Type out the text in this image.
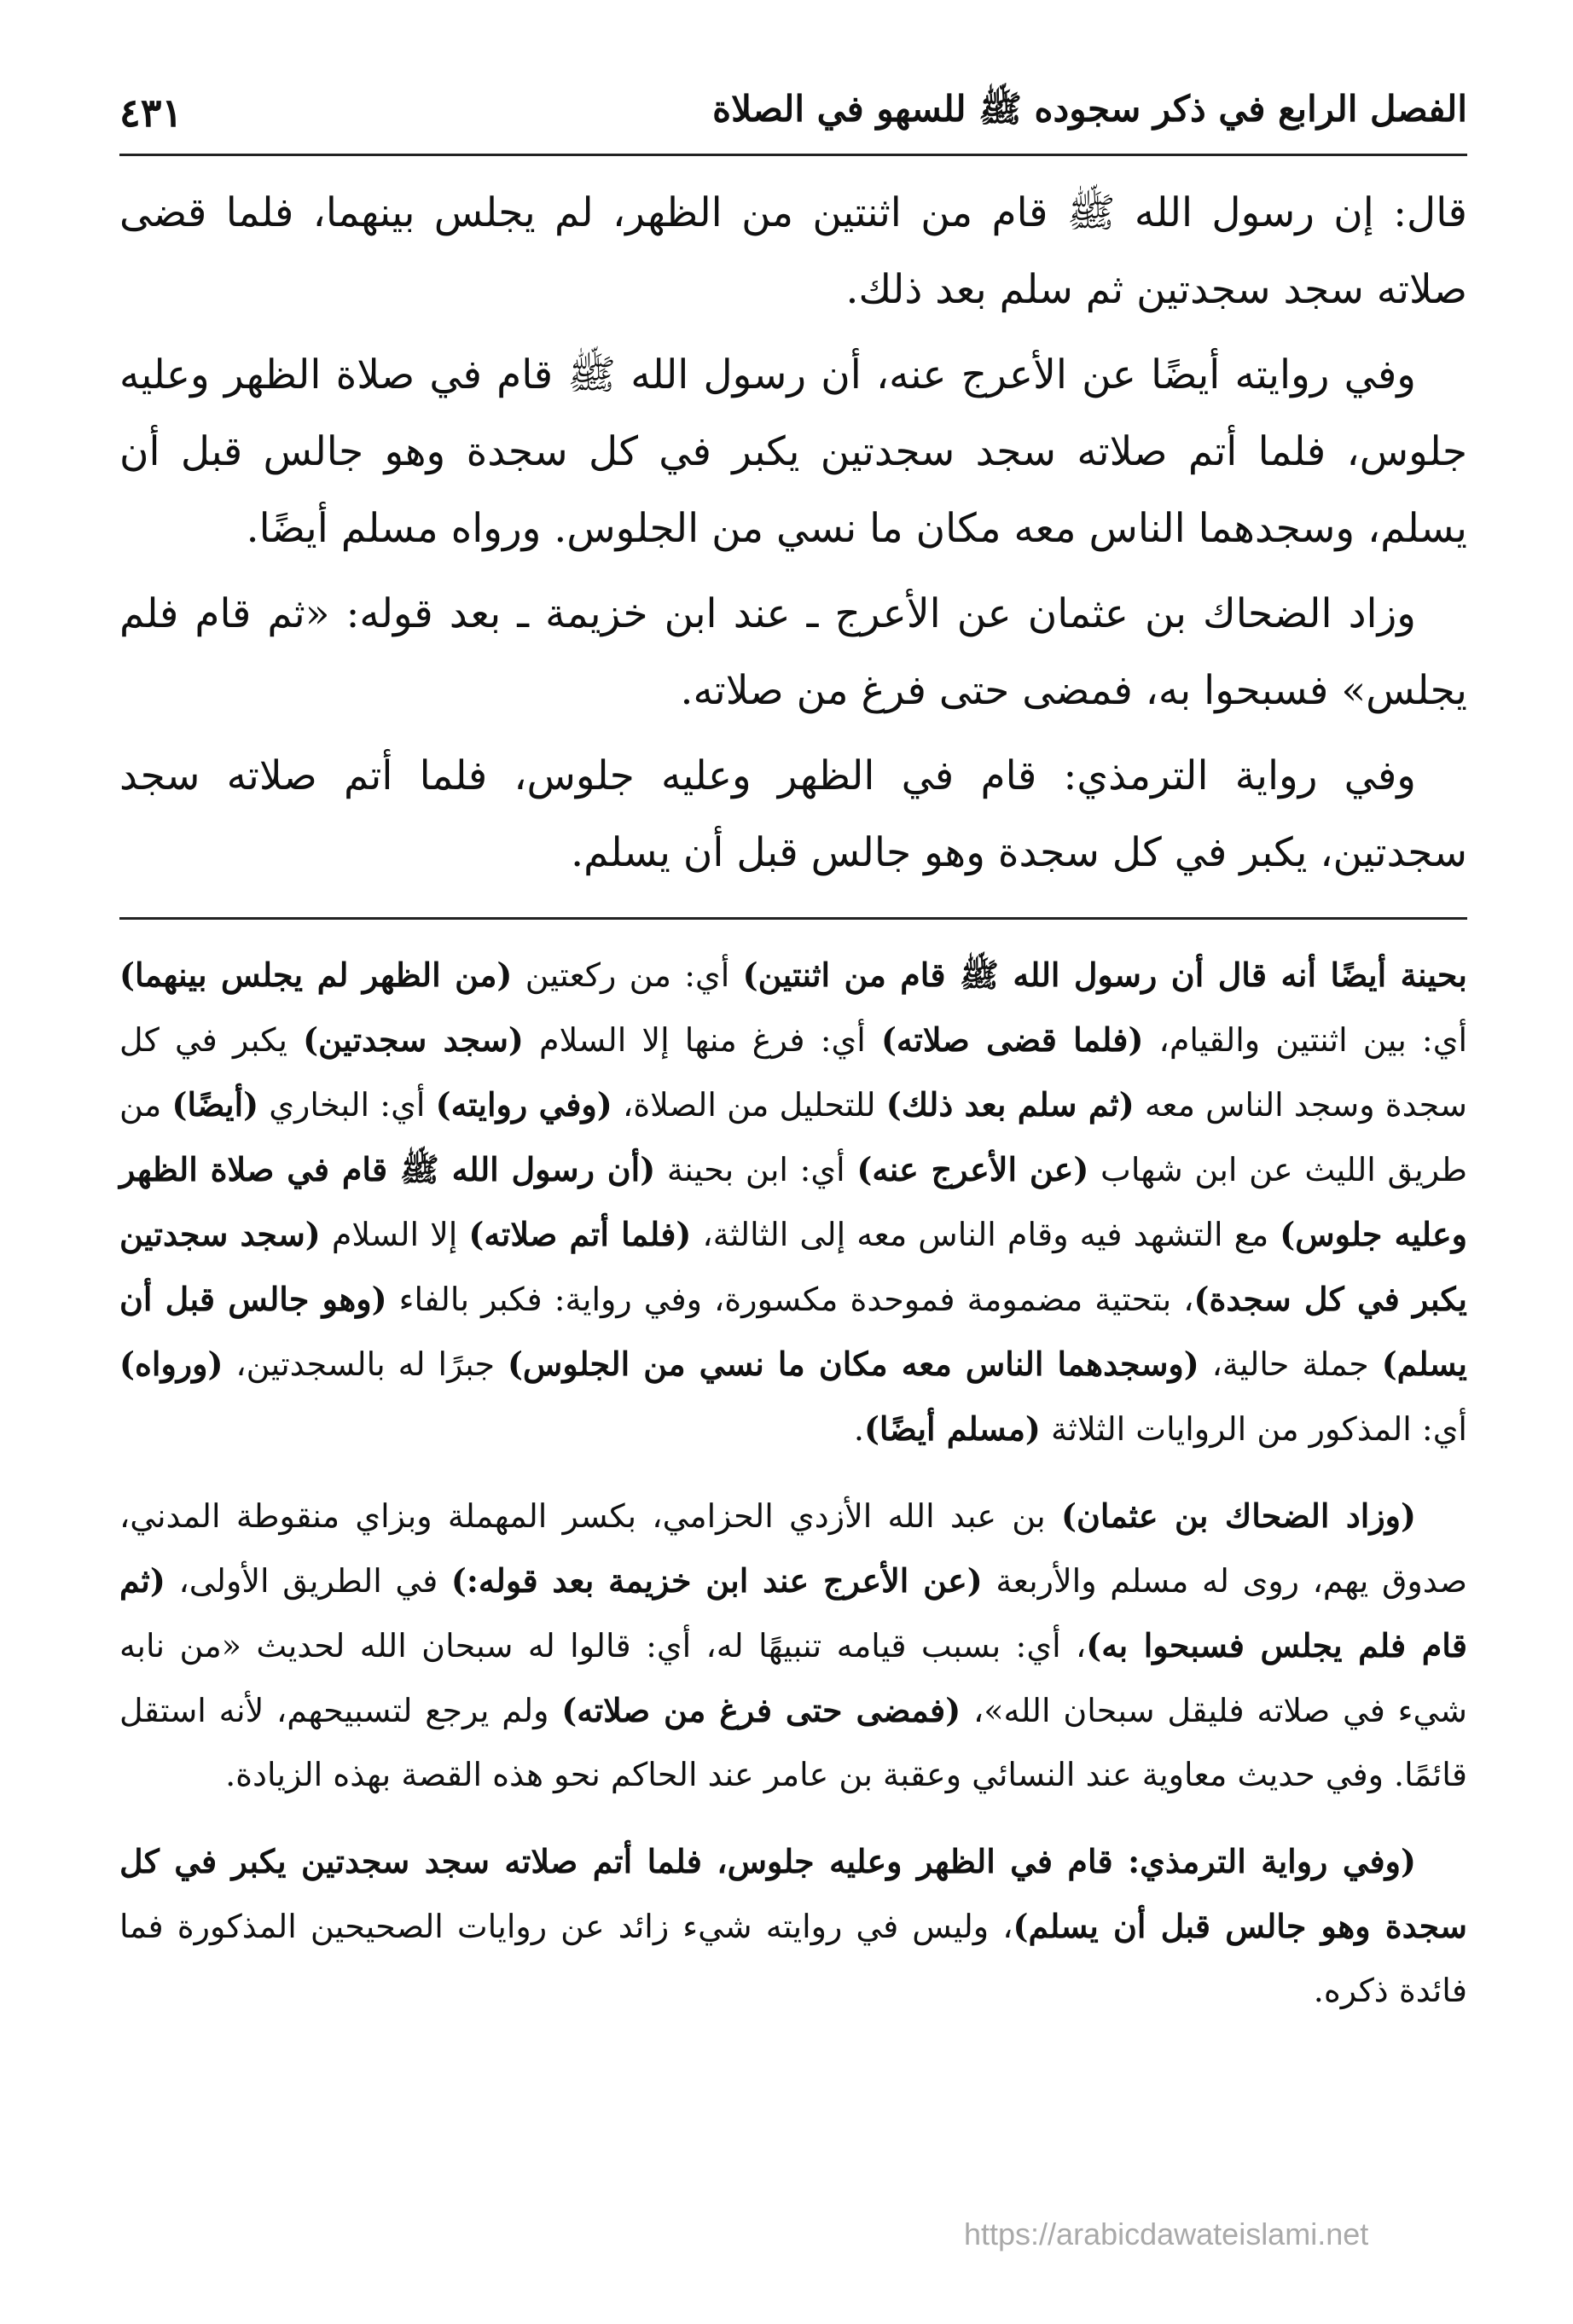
الفصل الرابع في ذكر سجوده ﷺ للسهو في الصلاة
٤٣١

قال: إن رسول الله ﷺ قام من اثنتين من الظهر، لم يجلس بينهما، فلما قضى صلاته سجد سجدتين ثم سلم بعد ذلك.

وفي روايته أيضًا عن الأعرج عنه، أن رسول الله ﷺ قام في صلاة الظهر وعليه جلوس، فلما أتم صلاته سجد سجدتين يكبر في كل سجدة وهو جالس قبل أن يسلم، وسجدهما الناس معه مكان ما نسي من الجلوس. ورواه مسلم أيضًا.

وزاد الضحاك بن عثمان عن الأعرج ـ عند ابن خزيمة ـ بعد قوله: «ثم قام فلم يجلس» فسبحوا به، فمضى حتى فرغ من صلاته.

وفي رواية الترمذي: قام في الظهر وعليه جلوس، فلما أتم صلاته سجد سجدتين، يكبر في كل سجدة وهو جالس قبل أن يسلم.

بحينة أيضًا أنه قال أن رسول الله ﷺ قام من اثنتين) أي: من ركعتين (من الظهر لم يجلس بينهما) أي: بين اثنتين والقيام، (فلما قضى صلاته) أي: فرغ منها إلا السلام (سجد سجدتين) يكبر في كل سجدة وسجد الناس معه (ثم سلم بعد ذلك) للتحليل من الصلاة، (وفي روايته) أي: البخاري (أيضًا) من طريق الليث عن ابن شهاب (عن الأعرج عنه) أي: ابن بحينة (أن رسول الله ﷺ قام في صلاة الظهر وعليه جلوس) مع التشهد فيه وقام الناس معه إلى الثالثة، (فلما أتم صلاته) إلا السلام (سجد سجدتين يكبر في كل سجدة)، بتحتية مضمومة فموحدة مكسورة، وفي رواية: فكبر بالفاء (وهو جالس قبل أن يسلم) جملة حالية، (وسجدهما الناس معه مكان ما نسي من الجلوس) جبرًا له بالسجدتين، (ورواه) أي: المذكور من الروايات الثلاثة (مسلم أيضًا).

(وزاد الضحاك بن عثمان) بن عبد الله الأزدي الحزامي، بكسر المهملة وبزاي منقوطة المدني، صدوق يهم، روى له مسلم والأربعة (عن الأعرج عند ابن خزيمة بعد قوله:) في الطريق الأولى، (ثم قام فلم يجلس فسبحوا به)، أي: بسبب قيامه تنبيهًا له، أي: قالوا له سبحان الله لحديث «من نابه شيء في صلاته فليقل سبحان الله»، (فمضى حتى فرغ من صلاته) ولم يرجع لتسبيحهم، لأنه استقل قائمًا. وفي حديث معاوية عند النسائي وعقبة بن عامر عند الحاكم نحو هذه القصة بهذه الزيادة.

(وفي رواية الترمذي: قام في الظهر وعليه جلوس، فلما أتم صلاته سجد سجدتين يكبر في كل سجدة وهو جالس قبل أن يسلم)، وليس في روايته شيء زائد عن روايات الصحيحين المذكورة فما فائدة ذكره.

https://arabicdawateislami.net
